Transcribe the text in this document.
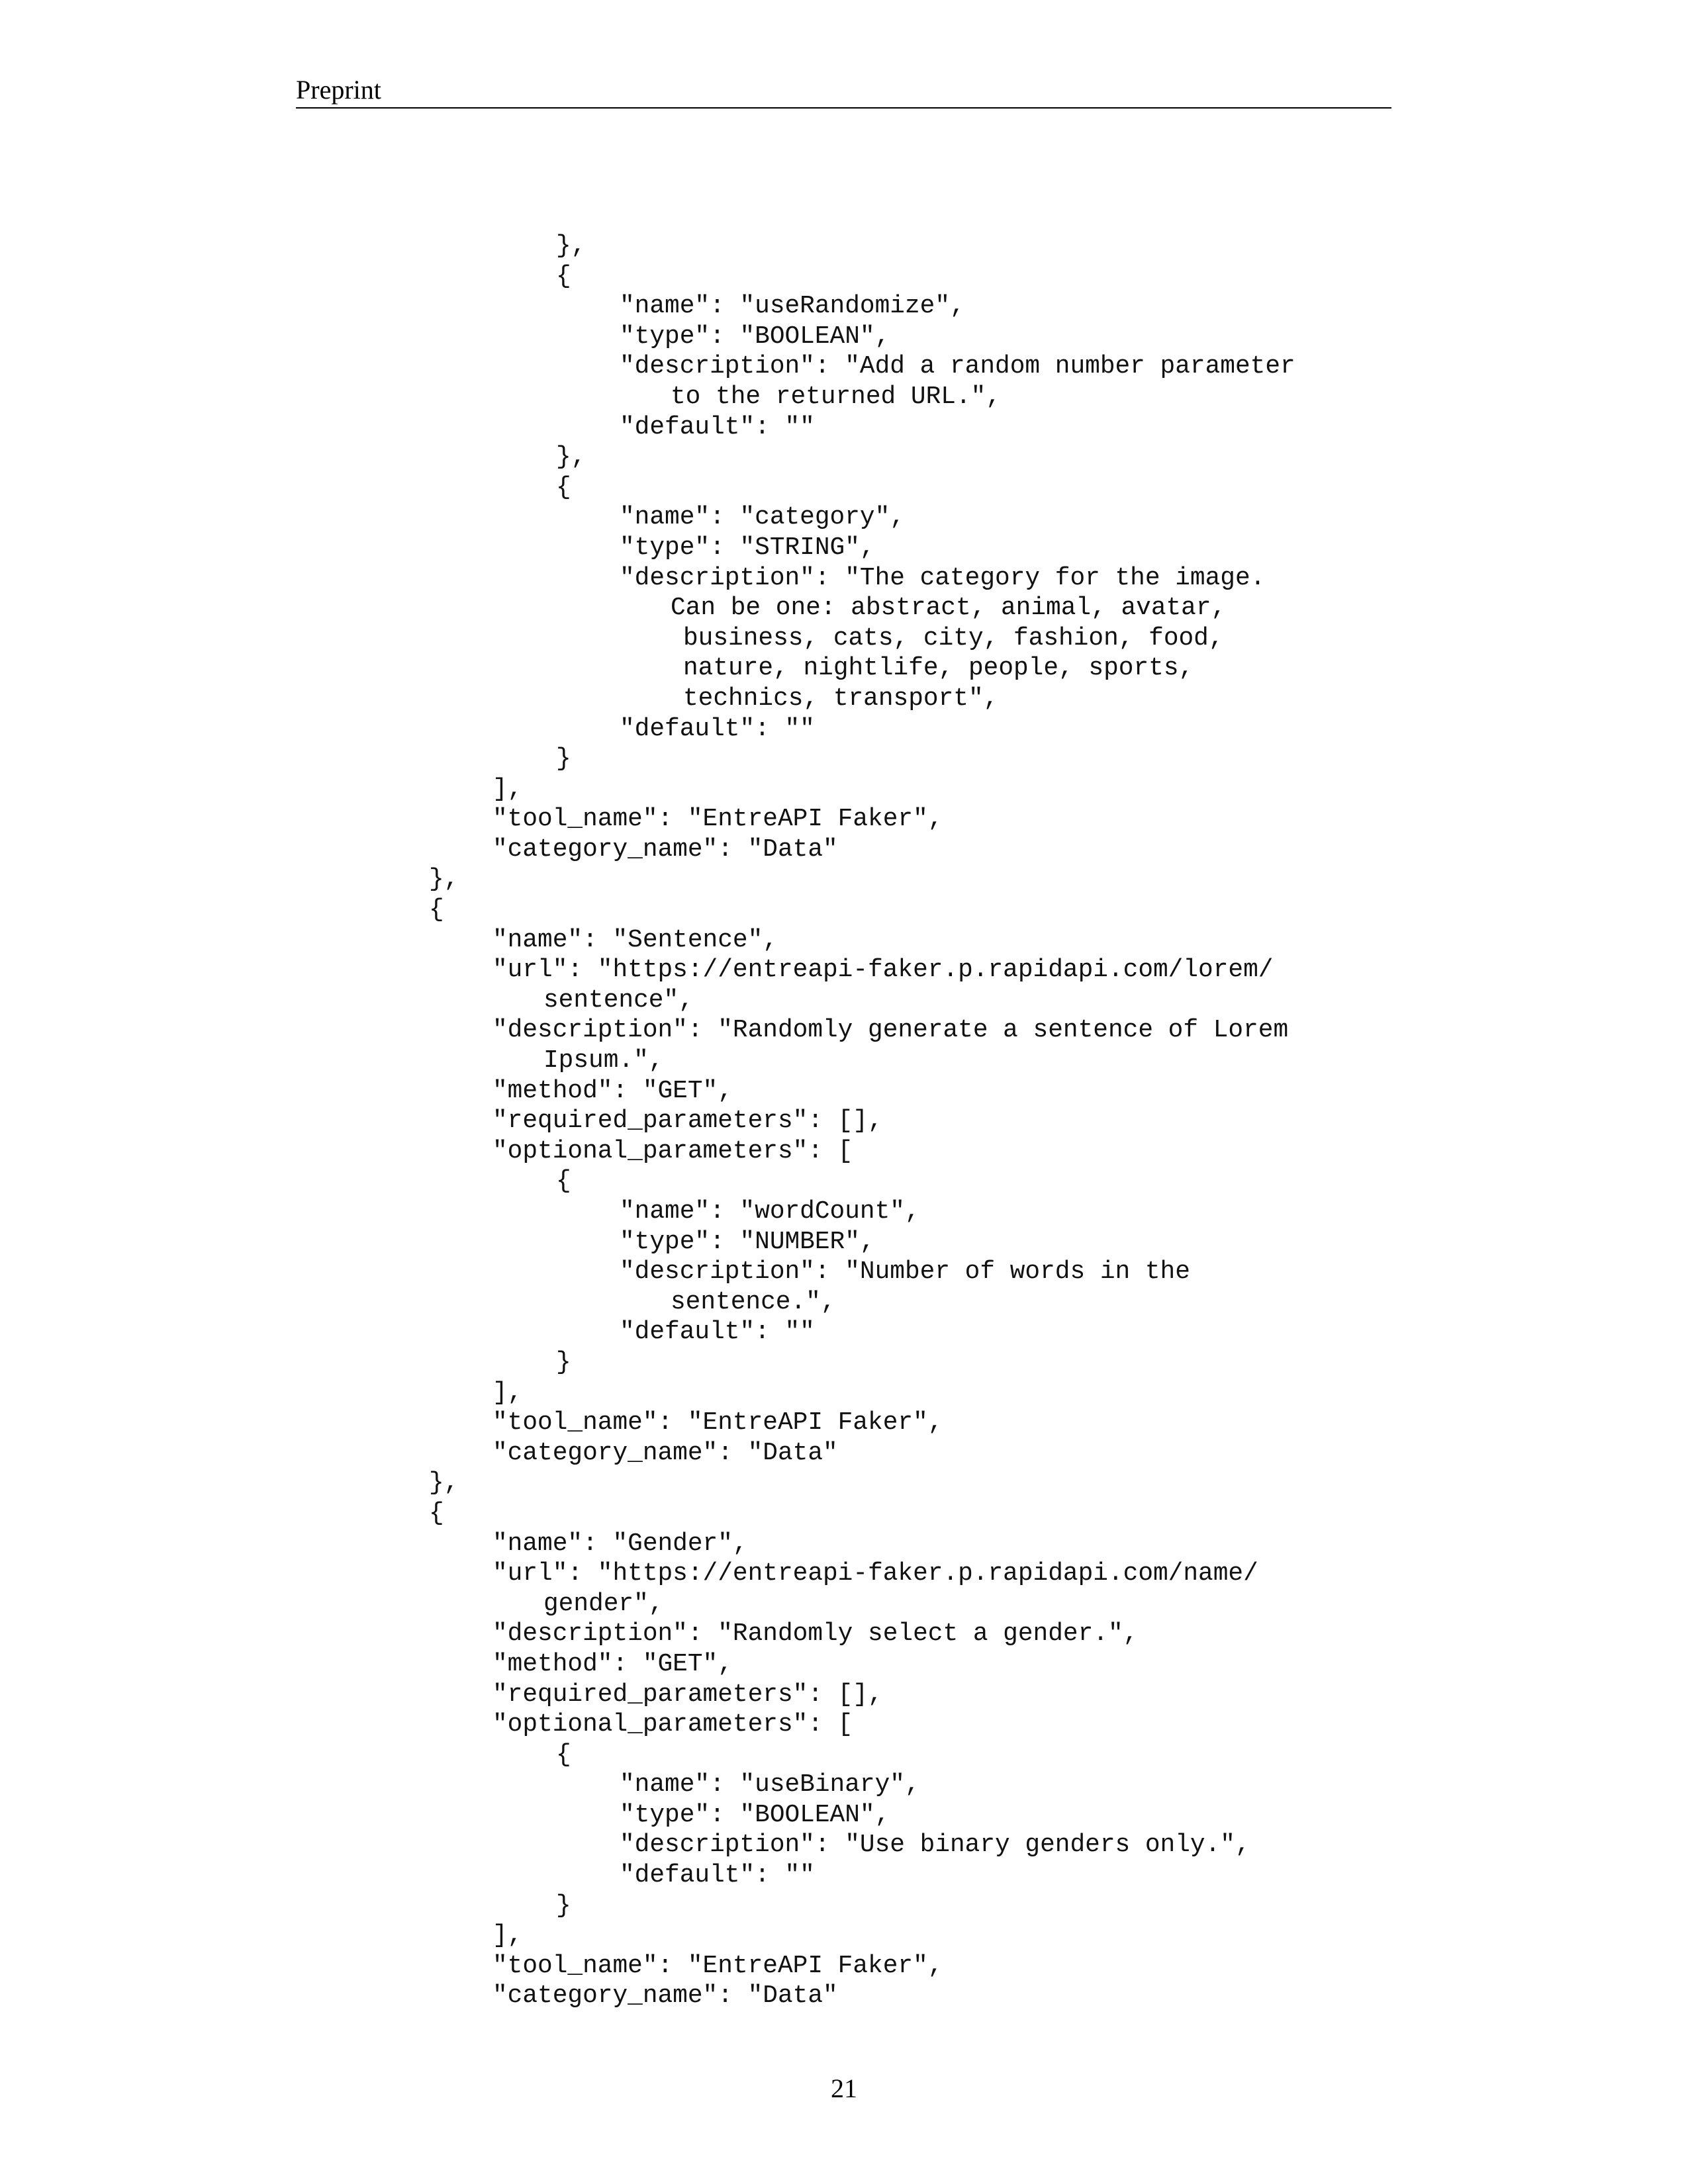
Preprint
},
{
"name": "useRandomize",
"type": "BOOLEAN",
"description": "Add a random number parameter
to the returned URL.",
"default": ""
},
{
"name": "category",
"type": "STRING",
"description": "The category for the image.
Can be one: abstract, animal, avatar,
business, cats, city, fashion, food,
nature, nightlife, people, sports,
technics, transport",
"default": ""
}
],
"tool_name": "EntreAPI Faker",
"category_name": "Data"
},
{
"name": "Sentence",
"url": "https://entreapi-faker.p.rapidapi.com/lorem/
sentence",
"description": "Randomly generate a sentence of Lorem
Ipsum.",
"method": "GET",
"required_parameters": [],
"optional_parameters": [
{
"name": "wordCount",
"type": "NUMBER",
"description": "Number of words in the
sentence.",
"default": ""
}
],
"tool_name": "EntreAPI Faker",
"category_name": "Data"
},
{
"name": "Gender",
"url": "https://entreapi-faker.p.rapidapi.com/name/
gender",
"description": "Randomly select a gender.",
"method": "GET",
"required_parameters": [],
"optional_parameters": [
{
"name": "useBinary",
"type": "BOOLEAN",
"description": "Use binary genders only.",
"default": ""
}
],
"tool_name": "EntreAPI Faker",
"category_name": "Data"
21
